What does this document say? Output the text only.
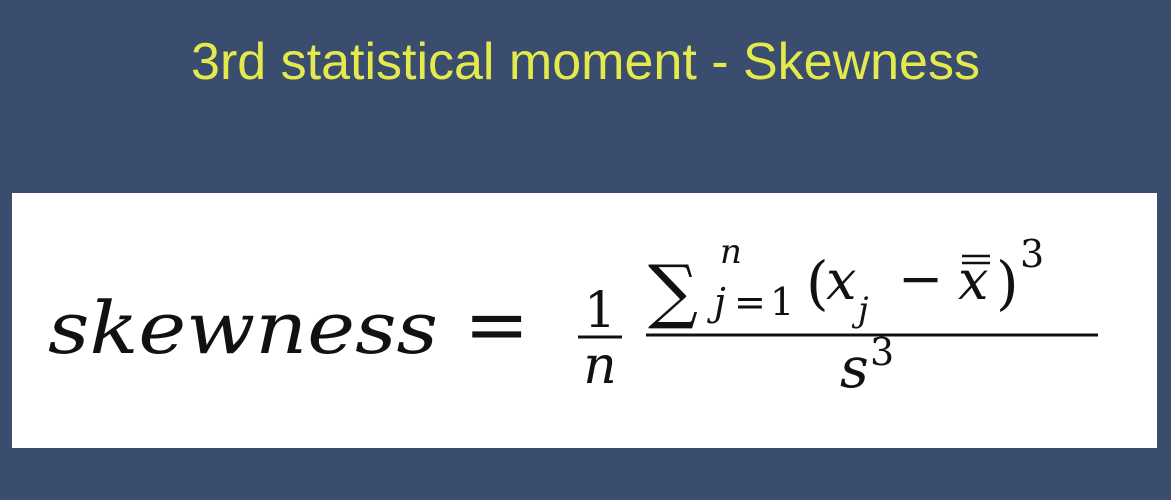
3rd statistical moment - Skewness
skewness = 1
n
∑ n
j = 1 (
x j − x ) 3
s 3
